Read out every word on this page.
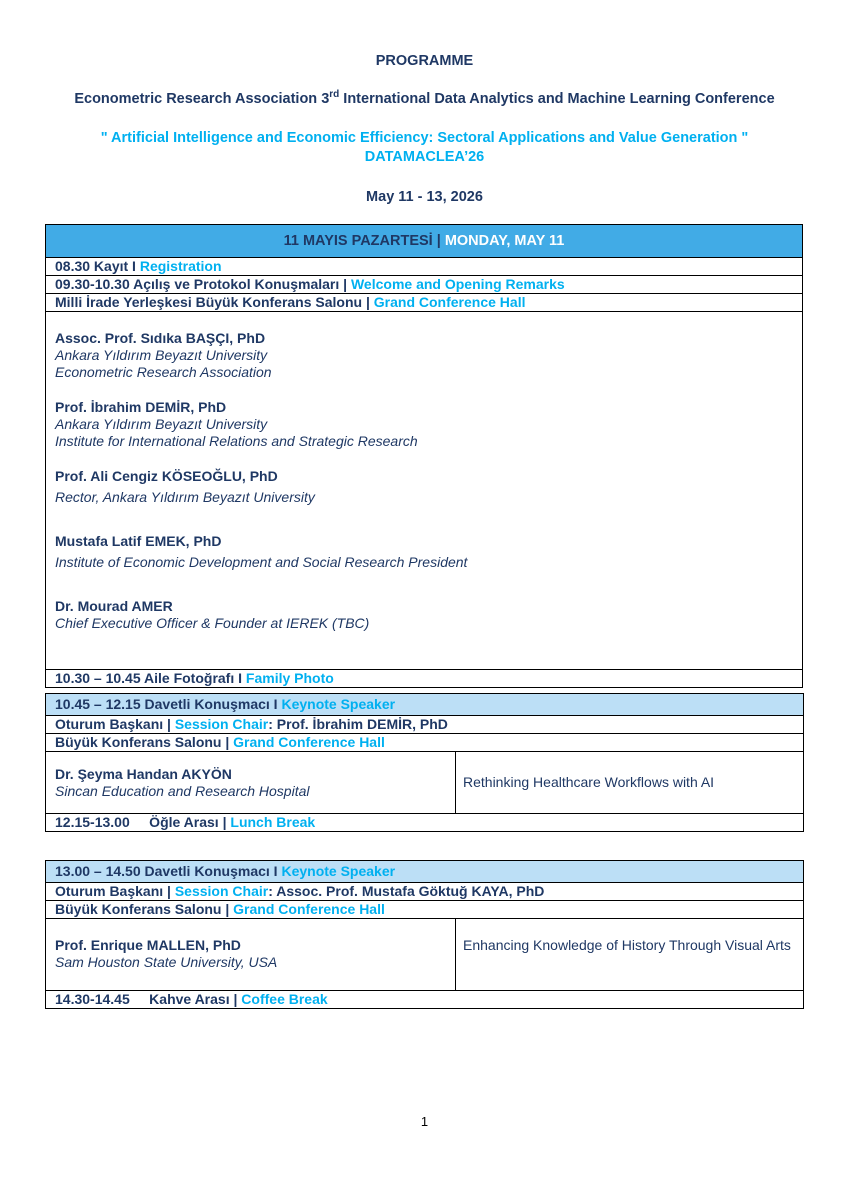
PROGRAMME
Econometric Research Association 3rd International Data Analytics and Machine Learning Conference
" Artificial Intelligence and Economic Efficiency: Sectoral Applications and Value Generation "
DATAMACLEA’26
May 11 - 13, 2026
11 MAYIS PAZARTESİ | MONDAY, MAY 11
08.30 Kayıt I Registration
09.30-10.30 Açılış ve Protokol Konuşmaları | Welcome and Opening Remarks
Milli İrade Yerleşkesi Büyük Konferans Salonu | Grand Conference Hall

Assoc. Prof. Sıdıka BAŞÇI, PhD
Ankara Yıldırım Beyazıt University
Econometric Research Association
Prof. İbrahim DEMİR, PhD
Ankara Yıldırım Beyazıt University
Institute for International Relations and Strategic Research
Prof. Ali Cengiz KÖSEOĞLU, PhD
Rector, Ankara Yıldırım Beyazıt University
Mustafa Latif EMEK, PhD
Institute of Economic Development and Social Research President
Dr. Mourad AMER
Chief Executive Officer & Founder at IEREK (TBC)

10.30 – 10.45 Aile Fotoğrafı I Family Photo
10.45 – 12.15 Davetli Konuşmacı I Keynote Speaker
Oturum Başkanı | Session Chair: Prof. İbrahim DEMİR, PhD
Büyük Konferans Salonu | Grand Conference Hall

Dr. Şeyma Handan AKYÖN
Sincan Education and Research Hospital
	Rethinking Healthcare Workflows with AI
12.15-13.00     Öğle Arası | Lunch Break
13.00 – 14.50 Davetli Konuşmacı I Keynote Speaker
Oturum Başkanı | Session Chair: Assoc. Prof. Mustafa Göktuğ KAYA, PhD
Büyük Konferans Salonu | Grand Conference Hall

Prof. Enrique MALLEN, PhD
Sam Houston State University, USA
	Enhancing Knowledge of History Through Visual Arts
14.30-14.45     Kahve Arası | Coffee Break
1
